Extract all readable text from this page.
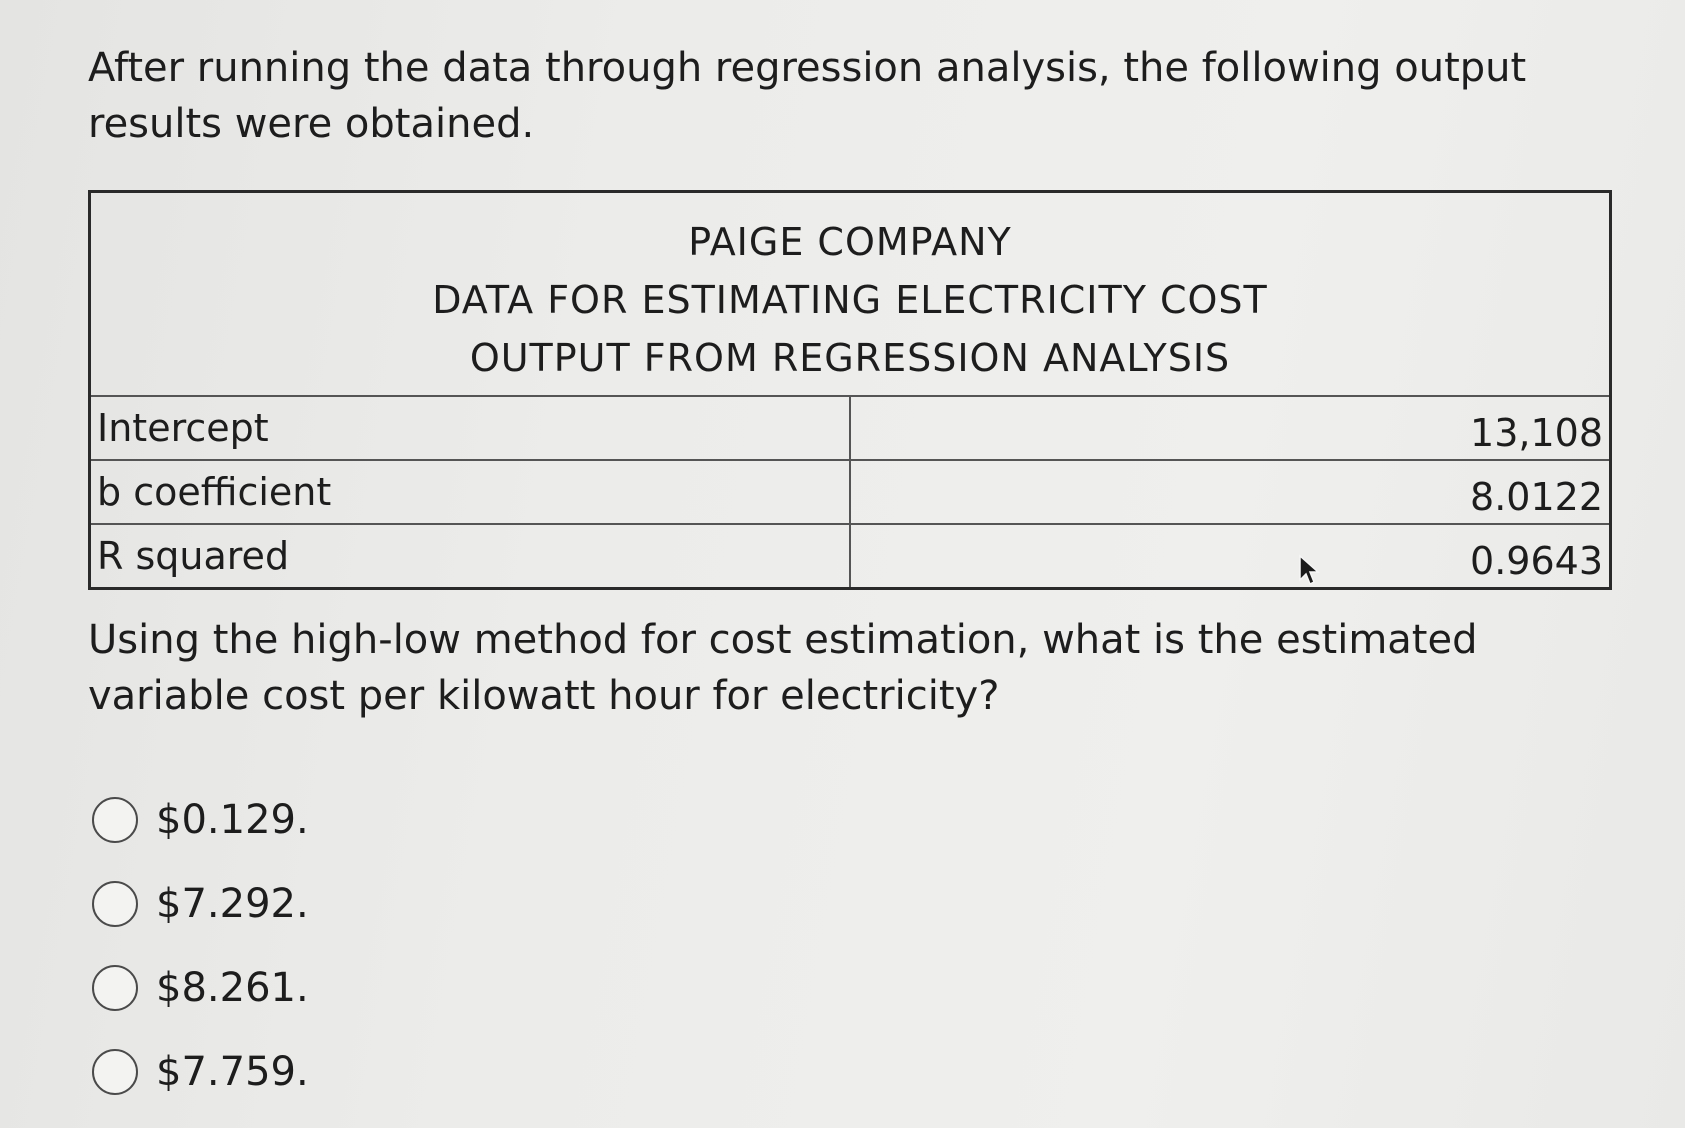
After running the data through regression analysis, the following output results were obtained.

PAIGE COMPANY
DATA FOR ESTIMATING ELECTRICITY COST
OUTPUT FROM REGRESSION ANALYSIS
Intercept	13,108
b coefficient	8.0122
R squared	0.9643

Using the high-low method for cost estimation, what is the estimated variable cost per kilowatt hour for electricity?

$0.129.
$7.292.
$8.261.
$7.759.
